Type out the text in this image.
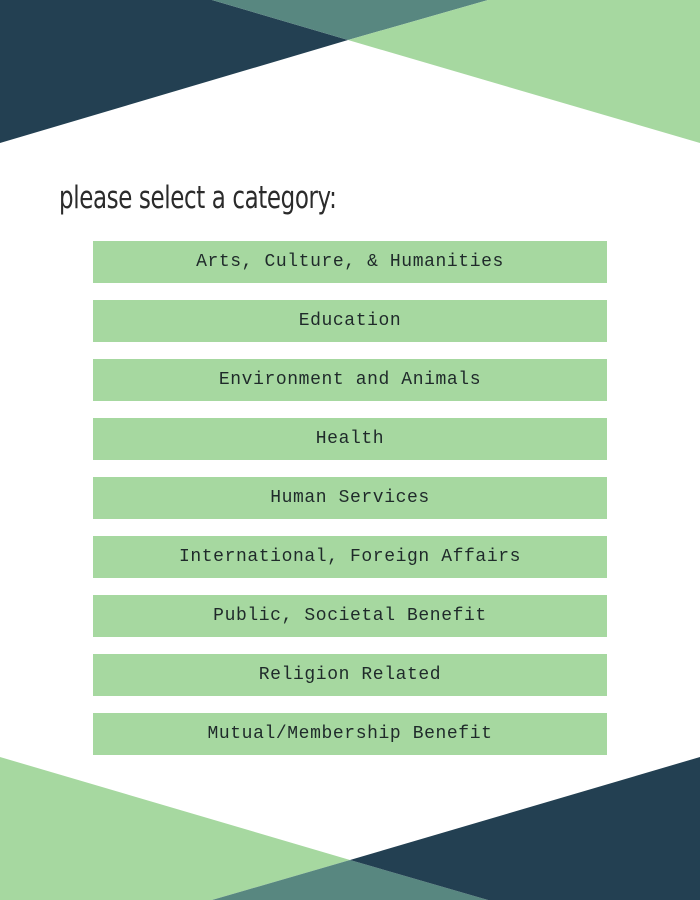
please select a category:
Arts, Culture, & Humanities
Education
Environment and Animals
Health
Human Services
International, Foreign Affairs
Public, Societal Benefit
Religion Related
Mutual/Membership Benefit
